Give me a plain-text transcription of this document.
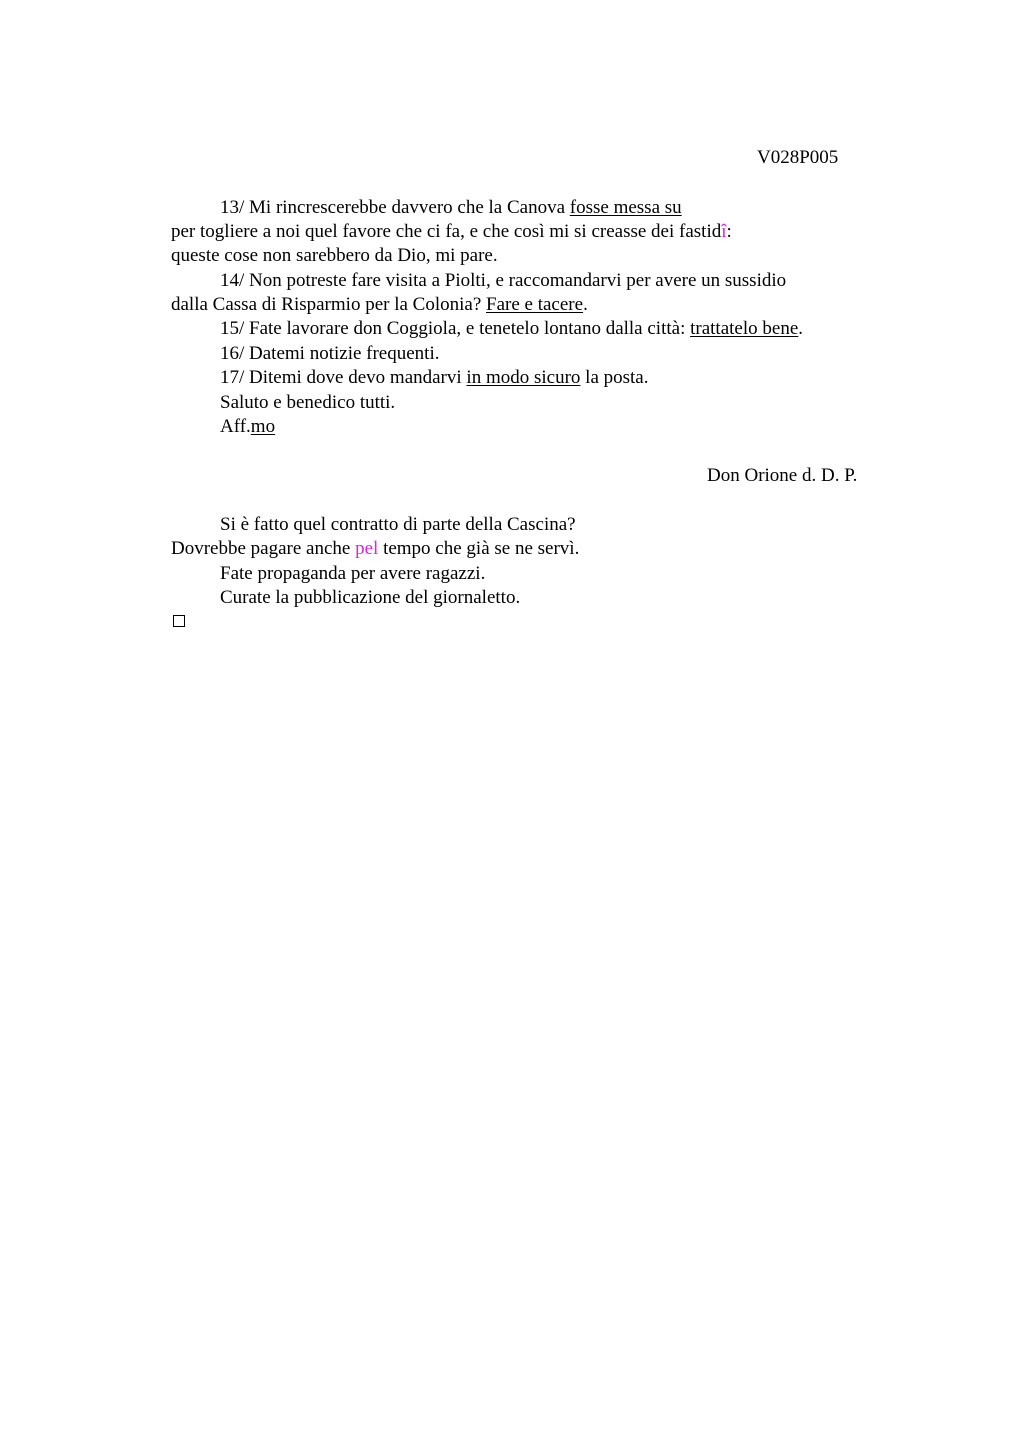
V028P005
13/ Mi rincrescerebbe davvero che la Canova fosse messa su
per togliere a noi quel favore che ci fa, e che così mi si creasse dei fastidî:
queste cose non sarebbero da Dio, mi pare.
14/ Non potreste fare visita a Piolti, e raccomandarvi per avere un sussidio
dalla Cassa di Risparmio per la Colonia? Fare e tacere.
15/ Fate lavorare don Coggiola, e tenetelo lontano dalla città: trattatelo bene.
16/ Datemi notizie frequenti.
17/ Ditemi dove devo mandarvi in modo sicuro la posta.
Saluto e benedico tutti.
Aff.mo
Don Orione d. D. P.
Si è fatto quel contratto di parte della Cascina?
Dovrebbe pagare anche pel tempo che già se ne servì.
Fate propaganda per avere ragazzi.
Curate la pubblicazione del giornaletto.
